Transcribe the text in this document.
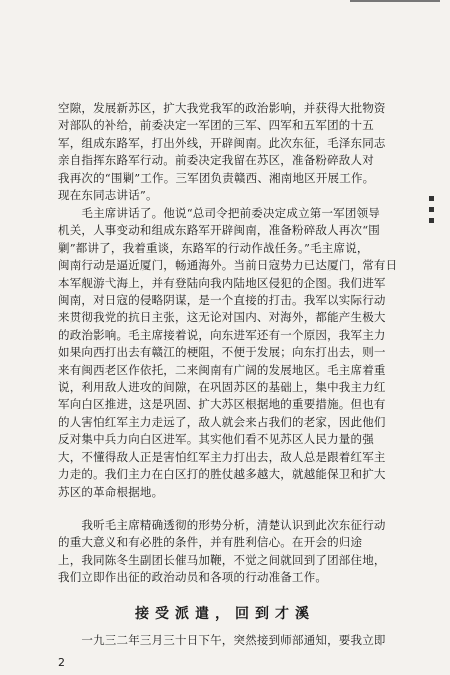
空隙，发展新苏区，扩大我党我军的政治影响，并获得大批物资

对部队的补给，前委决定一军团的三军、四军和五军团的十五

军，组成东路军，打出外线，开辟闽南。此次东征，毛泽东同志

亲自指挥东路军行动。前委决定我留在苏区，准备粉碎敌人对

我再次的“围剿”工作。三军团负责赣西、湘南地区开展工作。

现在东同志讲话”。

　　毛主席讲话了。他说“总司令把前委决定成立第一军团领导

机关，人事变动和组成东路军开辟闽南，准备粉碎敌人再次“围

剿”都讲了，我着重谈，东路军的行动作战任务。”毛主席说，

闽南行动是逼近厦门，畅通海外。当前日寇势力已达厦门，常有日

本军舰游弋海上，并有登陆向我内陆地区侵犯的企图。我们进军

闽南，对日寇的侵略阴谋，是一个直接的打击。我军以实际行动

来贯彻我党的抗日主张，这无论对国内、对海外，都能产生极大

的政治影响。毛主席接着说，向东进军还有一个原因，我军主力

如果向西打出去有赣江的梗阻，不便于发展；向东打出去，则一

来有闽西老区作依托，二来闽南有广阔的发展地区。毛主席着重

说，利用敌人进攻的间隙，在巩固苏区的基础上，集中我主力红

军向白区推进，这是巩固、扩大苏区根据地的重要措施。但也有

的人害怕红军主力走远了，敌人就会来占我们的老家，因此他们

反对集中兵力向白区进军。其实他们看不见苏区人民力量的强

大，不懂得敌人正是害怕红军主力打出去，敌人总是跟着红军主

力走的。我们主力在白区打的胜仗越多越大，就越能保卫和扩大

苏区的革命根据地。

　　我听毛主席精确透彻的形势分析，清楚认识到此次东征行动

的重大意义和有必胜的条件，并有胜利信心。在开会的归途

上，我同陈冬生副团长催马加鞭，不觉之间就回到了团部住地，

我们立即作出征的政治动员和各项的行动准备工作。

接受派遣，回到才溪

　　一九三二年三月三十日下午，突然接到师部通知，要我立即

2
